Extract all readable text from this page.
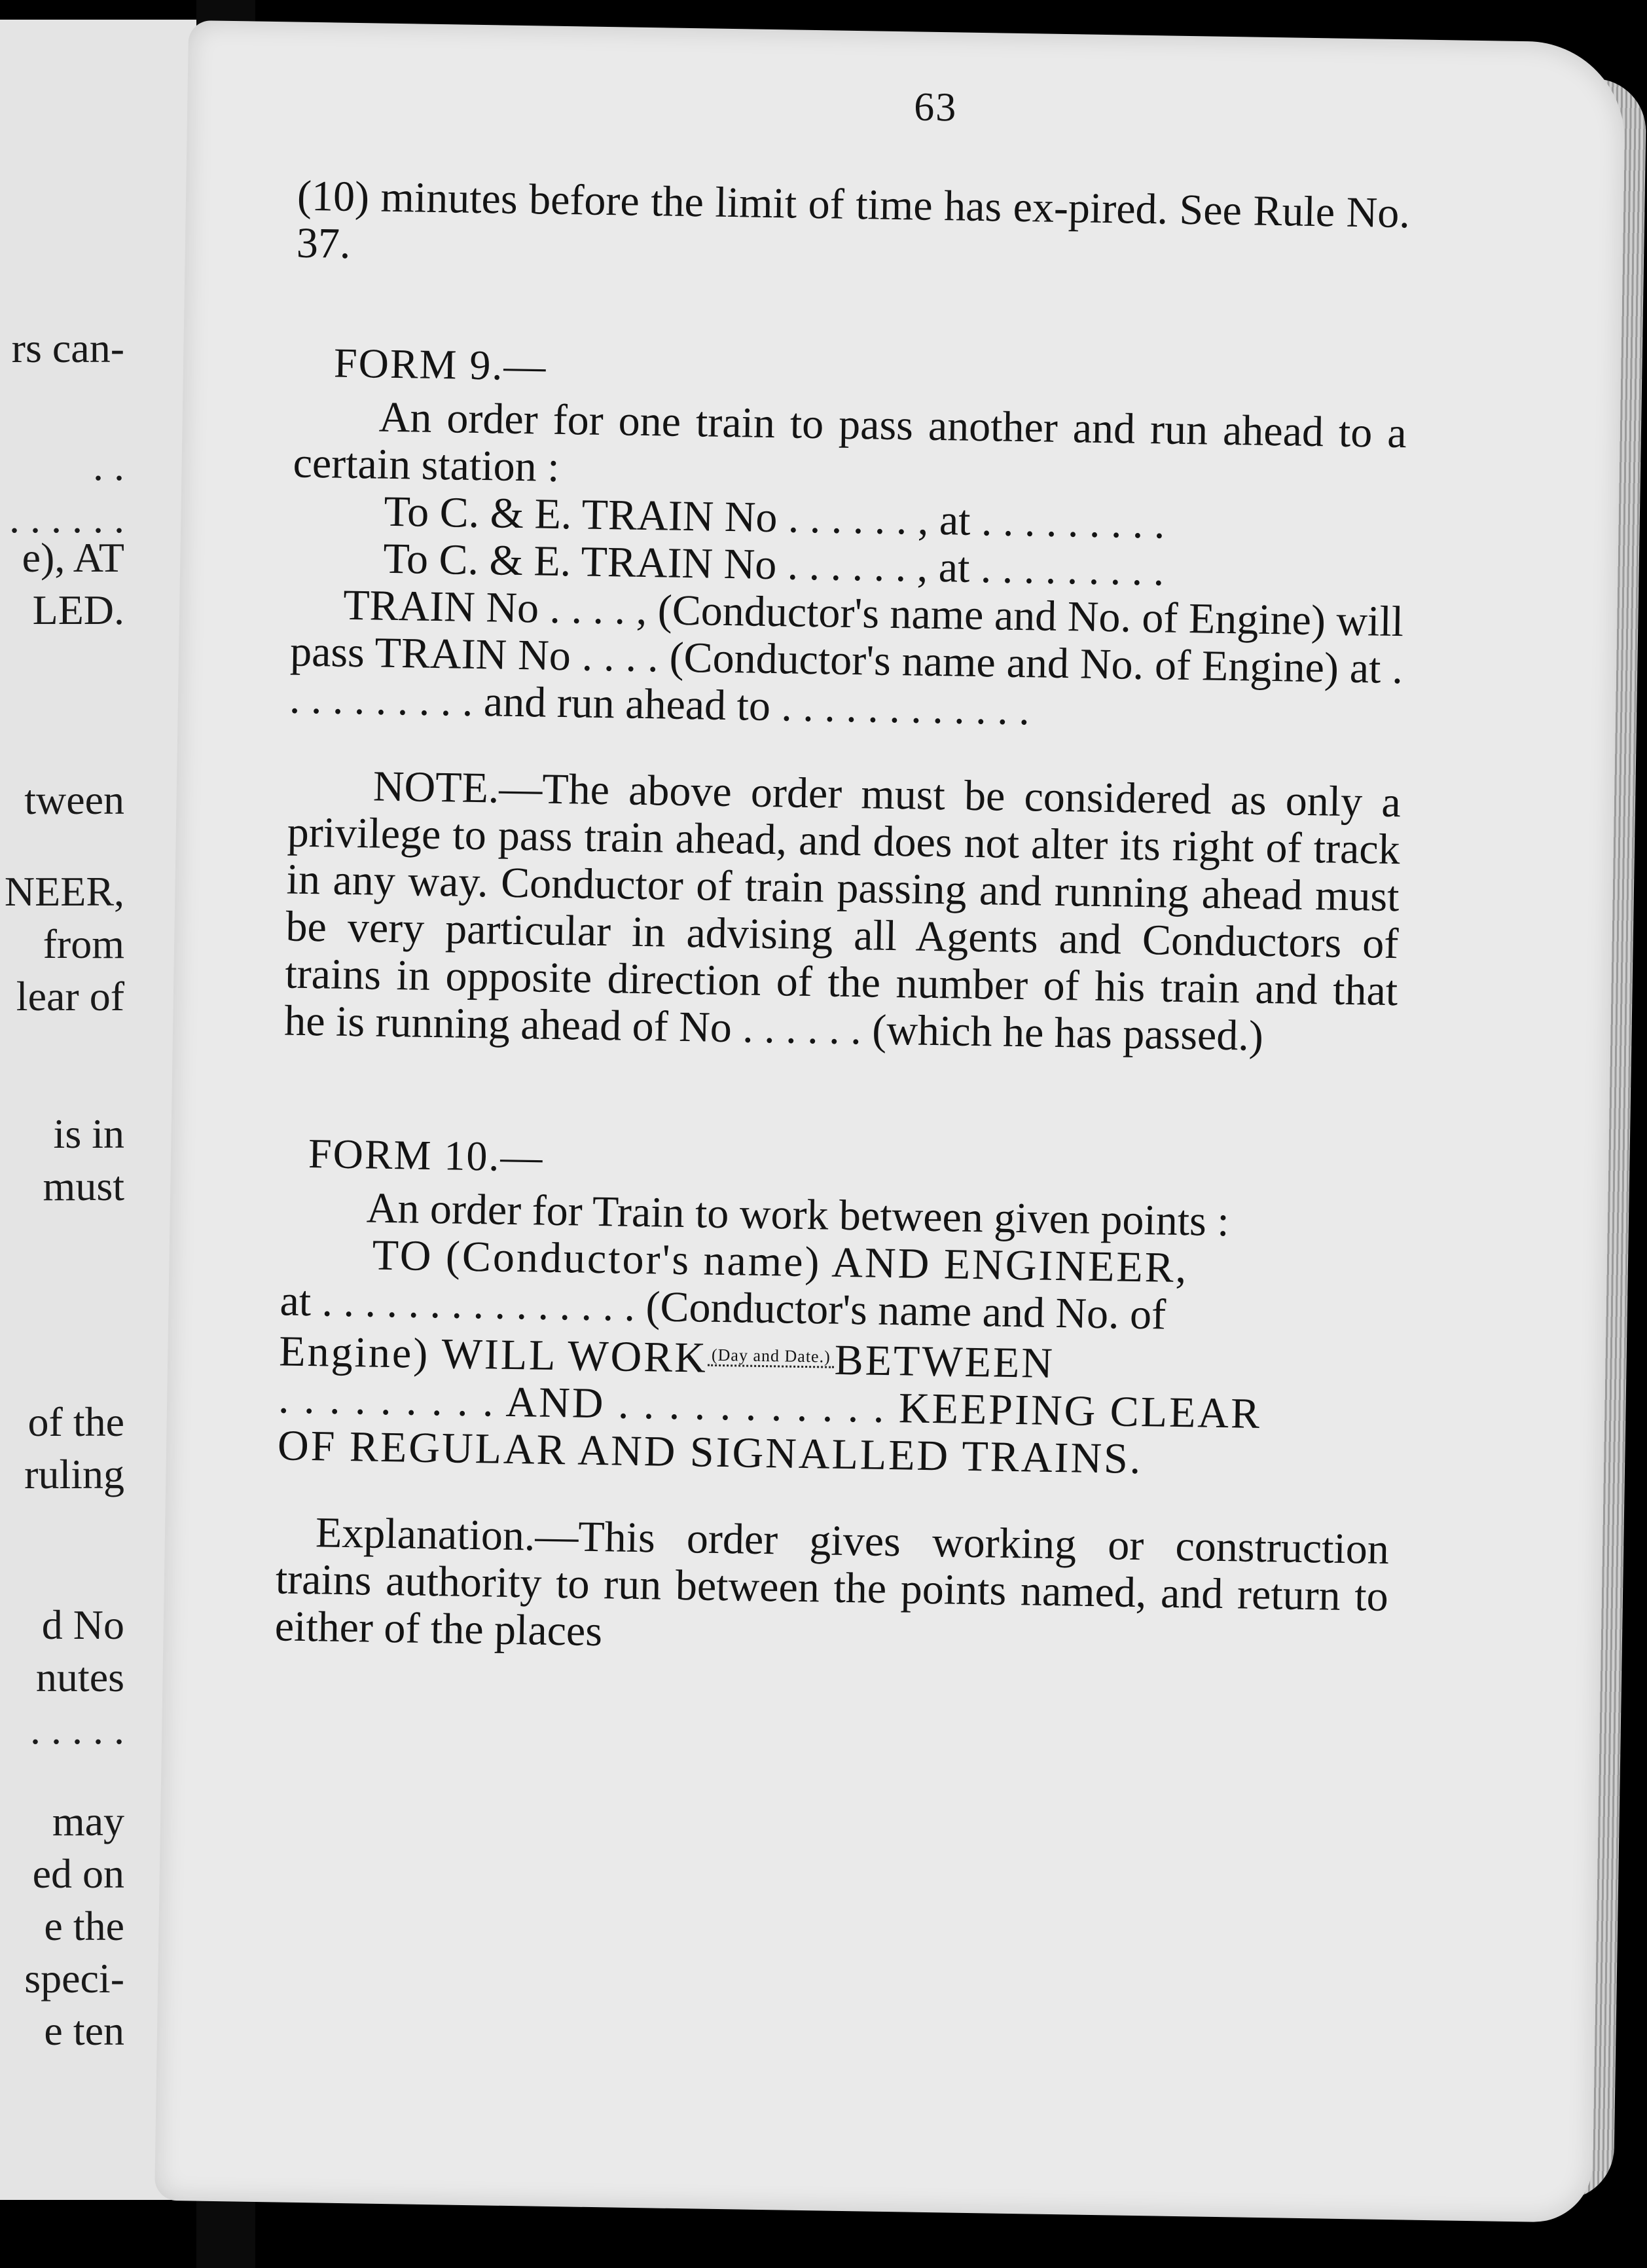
rs can-
. .
. . . . . .
e), AT
LED.
tween
NEER,
from
lear of
is in
must
of the
ruling
d No
nutes
. . . . .
may
ed on
e the
speci-
e ten
63

(10) minutes before the limit of time has ex-pired. See Rule No. 37.

FORM 9.—

An order for one train to pass another and run ahead to a certain station :

To C. & E. TRAIN No . . . . . . , at . . . . . . . . .
To C. & E. TRAIN No . . . . . . , at . . . . . . . . .

TRAIN No . . . . , (Conductor's name and No. of Engine) will pass TRAIN No . . . . (Conductor's name and No. of Engine) at . . . . . . . . . . and run ahead to . . . . . . . . . . . .

NOTE.—The above order must be considered as only a privilege to pass train ahead, and does not alter its right of track in any way. Conductor of train passing and running ahead must be very particular in advising all Agents and Conductors of trains in opposite direction of the number of his train and that he is running ahead of No . . . . . . (which he has passed.)

FORM 10.—

An order for Train to work between given points :

TO (Conductor's name) AND ENGINEER,
at . . . . . . . . . . . . . . . (Conductor's name and No. of
Engine) WILL WORK $^{(Day and Date.)}$BETWEEN
. . . . . . . . . AND . . . . . . . . . . . KEEPING CLEAR
OF REGULAR AND SIGNALLED TRAINS.

Explanation.—This order gives working or construction trains authority to run between the points named, and return to either of the places
